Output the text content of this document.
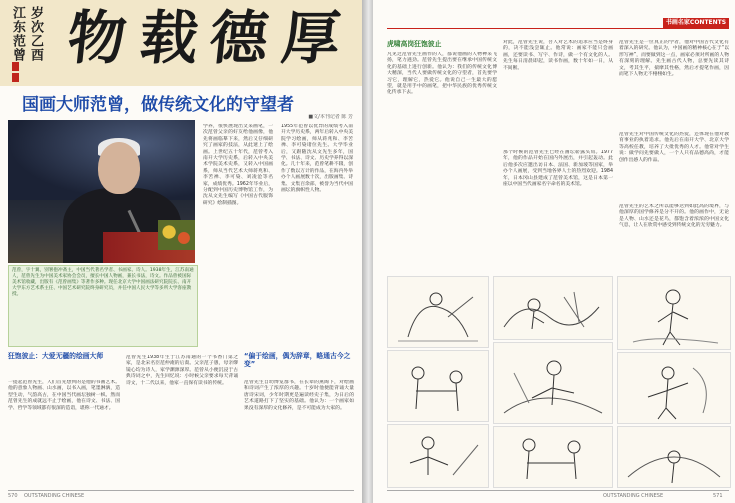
岁次乙酉
江东范曾 物 载 德 厚
国画大师范曾，做传统文化的守望者
范曾，字十翼，别署抱冲斋主，中国当代著名学者、书画家、诗人。1938年生，江苏南通人，范曾先生为中国美术家协会会员，擅长中国人物画，兼长书法，诗文。作品曾被国际美术馆收藏，出版有《范曾画集》等著作多种。现任北京大学中国画法研究院院长、南开大学东方艺术系主任、中国艺术研究院终身研究员，并任中国人民大学等多所大学客座教授。
■文/本刊记者 陈 芳
学养，很快展现出文采画笔，一次范曾父亲的好友给他画像，他先将画临摹下来，然后又仔细研究了画家的技法，从此迷上了绘画。上世纪五十年代，范曾考入南开大学历史系，后转入中央美术学院美术史系，又转入中国画系，师从当代艺术大师蒋兆和、李苦禅、李可染、刘凌沧等名家，成绩优秀。1962年毕业后，分配到中国历史博物馆工作，为沈从文先生编写《中国古代服饰研究》绘制插图。
1955年范曾以优异的成绩考入南开大学历史系，两年后转入中央美院学习绘画，师从蒋兆和、李苦禅、李可染诸位先生。大学毕业后，又跟随沈从文先生多年，国学、书法、诗文、历史学养得以深化。几十年来，范曾笔耕不辍，创作了数以万计的作品，在海内外举办个人画展数十次，出版画集、诗集、文集百余部，被誉为当代中国画坛的旗帜性人物。
狂饱彼止：大爱无疆的绘画大师
一提起范曾先生，人们首先想到的是他的书画艺术。他的意象人物画、山水画，以书入画，笔墨淋漓，造型生动，气韵高古，在中国当代画坛独树一帜。然而范曾先生的成就远不止于绘画，他在诗文、书法、国学、哲学等领域都有很深的造诣，堪称一代通才。
范曾先生1938年生于江苏南通的一个书香门第之家，是北宋名臣范仲淹的后裔。父亲范子愚，母亲缪镜心均为诗人，家学渊源深厚。范曾从小便沉浸于古典诗词之中，先生回忆说：小时候父亲要求每天背诵诗文，十二代以来，他家一直保有读书的传统。
“偏于绘画，偶为辞章，略通古今之变”
范曾先生自幼博览群书，在长辈的熏陶下，对绘画和诗词产生了浓厚的兴趣。十岁时他便能背诵大量唐诗宋词，少年时期更是遍读经史子集，为日后的艺术道路打下了坚实的基础。他认为：一个画家如果没有深厚的文化修养，是不可能成为大家的。
570 OUTSTANDING CHINESE
书画名家CONTENTS
虎啸高岗狂饱彼止
凡见过范曾先生画作的人，都说他画的人物神采飞扬，笔力遒劲。范曾先生提出要在继承中国传统文化的基础上进行创新。他认为：我们的传统文化博大精深，当代人要做传统文化的守望者，首先要学习它，理解它，热爱它。他说自己一生最大的愿望，就是用手中的画笔，把中华民族的优秀传统文化传承下去。
对此，范曾先生说，吾人对艺术的追求应当是终身的，决不能浅尝辄止。他常说：画家不能只会画画，还要读书、写字、作诗，做一个有文化的人。先生每日清晨即起，读书作画，数十年如一日，从不间断。
那个时候的范曾先生已经在画坛崭露头角。1977年，他的作品开始在国内外展出，并引起轰动。此后他多次应邀出访日本、法国、新加坡等国家，举办个人画展，受到当地各界人士的热烈欢迎。1984年，日本冈山县建成了范曾美术馆，这是日本第一座以中国当代画家名字命名的美术馆。
范曾先生是一位真正的学者，他对中国古代文化有着深入的研究。他认为，中国画的精神核心在于“以形写神”，而要做到这一点，画家必须对所画的人物有深刻的理解。先生画古代人物，总要先读其诗文，考其生平，揣摩其性格，然后才提笔作画，因而笔下人物无不栩栩如生。
范曾先生对中国传统文化的热爱，还体现在他对教育事业的执着追求。他先后在南开大学、北京大学等高校任教，培养了大批优秀的人才。他常对学生说：做学问先要做人，一个人只有品德高尚，才能创作出感人的作品。
范曾先生的艺术之所以能够达到如此高的境界，与他深厚的国学修养是分不开的。他的画作中，无论是人物、山水还是花鸟，都饱含着浓浓的中国文化气息，让人在欣赏中感受到传统文化的无穷魅力。
OUTSTANDING CHINESE	571
